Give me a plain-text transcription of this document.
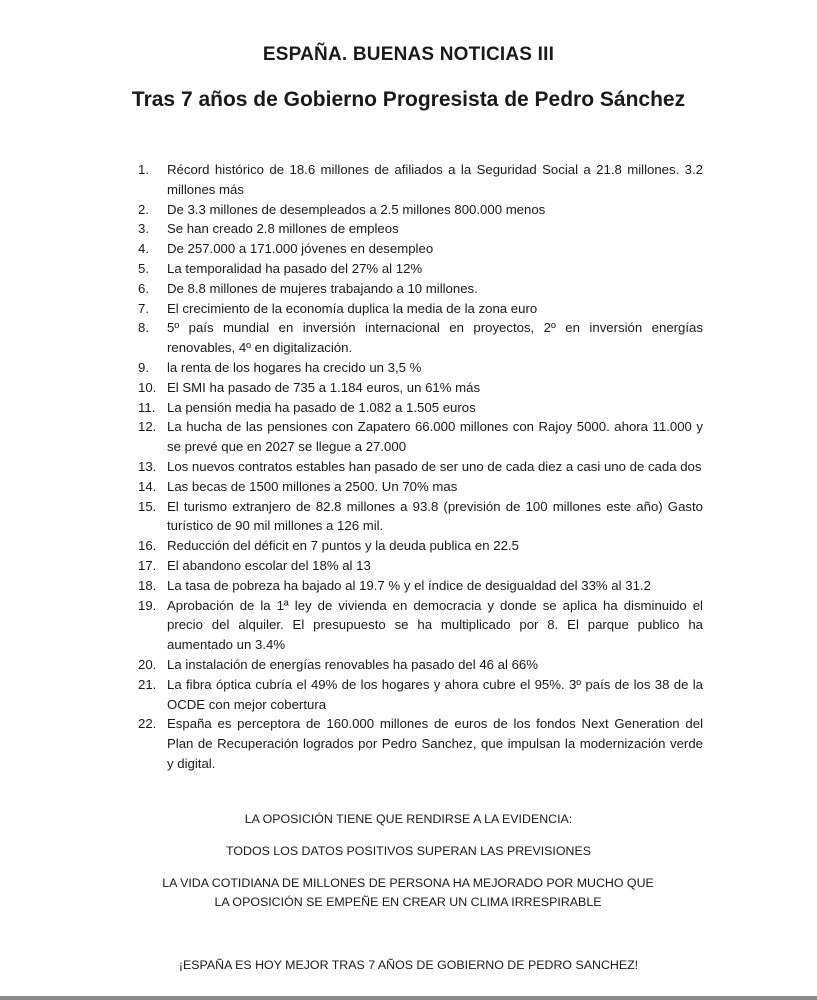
ESPAÑA. BUENAS NOTICIAS III
Tras 7 años de Gobierno Progresista de Pedro Sánchez
1. Récord histórico de 18.6 millones de afiliados a la Seguridad Social a 21.8 millones. 3.2 millones más
2. De 3.3 millones de desempleados a 2.5 millones 800.000 menos
3. Se han creado 2.8 millones de empleos
4. De 257.000 a 171.000 jóvenes en desempleo
5. La temporalidad ha pasado del 27% al 12%
6. De 8.8 millones de mujeres trabajando a 10 millones.
7. El crecimiento de la economía duplica la media de la zona euro
8. 5º país mundial en inversión internacional en proyectos, 2º en inversión energías renovables, 4º en digitalización.
9. la renta de los hogares ha crecido un 3,5 %
10. El SMI ha pasado de 735 a 1.184 euros, un 61% más
11. La pensión media ha pasado de 1.082 a 1.505 euros
12. La hucha de las pensiones con Zapatero 66.000 millones con Rajoy 5000. ahora 11.000 y se prevé que en 2027 se llegue a 27.000
13. Los nuevos contratos estables han pasado de ser uno de cada diez a casi uno de cada dos
14. Las becas de 1500 millones a 2500. Un 70% mas
15. El turismo extranjero de 82.8 millones a 93.8 (previsión de 100 millones este año) Gasto turístico de 90 mil millones a 126 mil.
16. Reducción del déficit en 7 puntos y la deuda publica en 22.5
17. El abandono escolar del 18% al 13
18. La tasa de pobreza ha bajado al 19.7 % y el índice de desigualdad del 33% al 31.2
19. Aprobación de la 1ª ley de vivienda en democracia y donde se aplica ha disminuido el precio del alquiler. El presupuesto se ha multiplicado por 8. El parque publico ha aumentado un 3.4%
20. La instalación de energías renovables ha pasado del 46 al 66%
21. La fibra óptica cubría el 49% de los hogares y ahora cubre el 95%. 3º país de los 38 de la OCDE con mejor cobertura
22. España es perceptora de 160.000 millones de euros de los fondos Next Generation del Plan de Recuperación logrados por Pedro Sanchez, que impulsan la modernización verde y digital.

LA OPOSICIÓN TIENE QUE RENDIRSE A LA EVIDENCIA:

TODOS LOS DATOS POSITIVOS SUPERAN LAS PREVISIONES

LA VIDA COTIDIANA DE MILLONES DE PERSONA HA MEJORADO POR MUCHO QUE LA OPOSICIÓN SE EMPEÑE EN CREAR UN CLIMA IRRESPIRABLE

¡ESPAÑA ES HOY MEJOR TRAS 7 AÑOS DE GOBIERNO DE PEDRO SANCHEZ!
